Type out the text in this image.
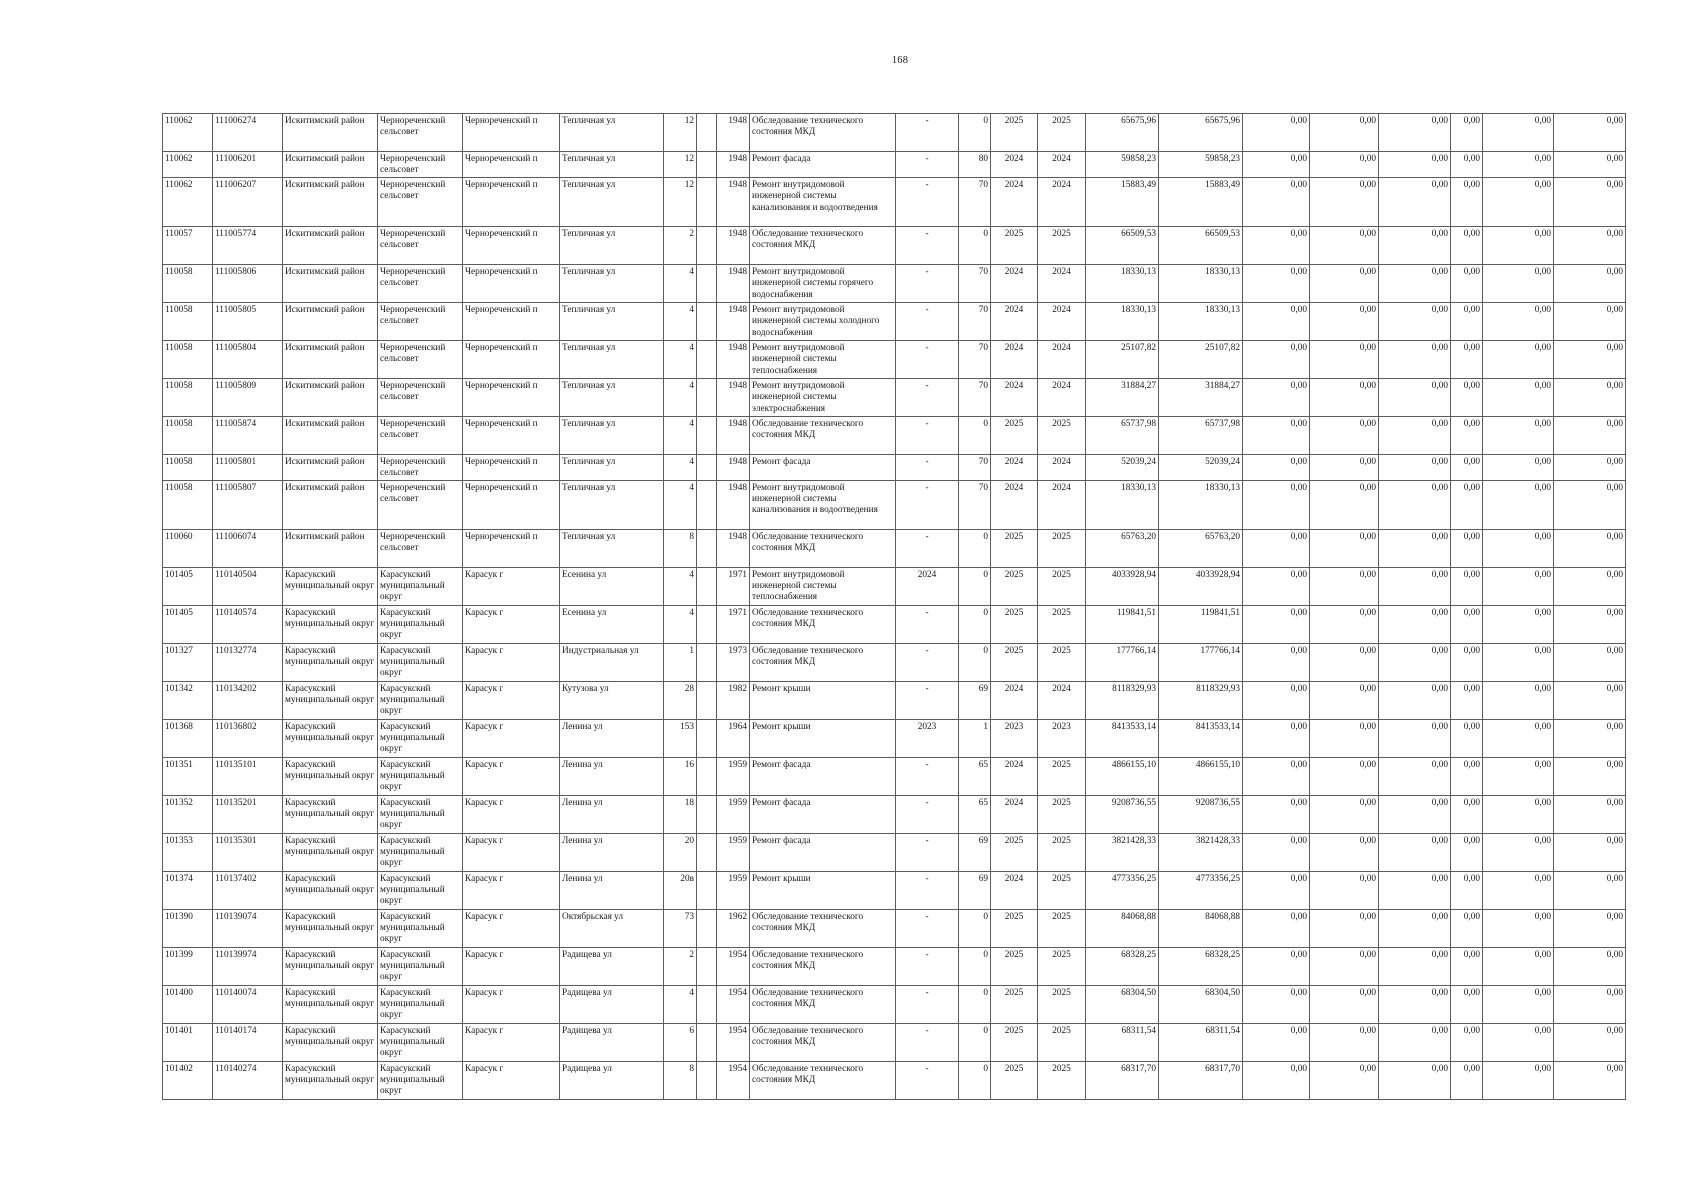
168
110062	111006274	Искитимский район	Чернореченский сельсовет	Чернореченский п	Тепличная ул	12		1948	Обследование технического состояния МКД	-	0	2025	2025	65675,96	65675,96	0,00	0,00	0,00	0,00	0,00	0,00
110062	111006201	Искитимский район	Чернореченский сельсовет	Чернореченский п	Тепличная ул	12		1948	Ремонт фасада	-	80	2024	2024	59858,23	59858,23	0,00	0,00	0,00	0,00	0,00	0,00
110062	111006207	Искитимский район	Чернореченский сельсовет	Чернореченский п	Тепличная ул	12		1948	Ремонт внутридомовой инженерной системы канализования и водоотведения	-	70	2024	2024	15883,49	15883,49	0,00	0,00	0,00	0,00	0,00	0,00
110057	111005774	Искитимский район	Чернореченский сельсовет	Чернореченский п	Тепличная ул	2		1948	Обследование технического состояния МКД	-	0	2025	2025	66509,53	66509,53	0,00	0,00	0,00	0,00	0,00	0,00
110058	111005806	Искитимский район	Чернореченский сельсовет	Чернореченский п	Тепличная ул	4		1948	Ремонт внутридомовой инженерной системы горячего водоснабжения	-	70	2024	2024	18330,13	18330,13	0,00	0,00	0,00	0,00	0,00	0,00
110058	111005805	Искитимский район	Чернореченский сельсовет	Чернореченский п	Тепличная ул	4		1948	Ремонт внутридомовой инженерной системы холодного водоснабжения	-	70	2024	2024	18330,13	18330,13	0,00	0,00	0,00	0,00	0,00	0,00
110058	111005804	Искитимский район	Чернореченский сельсовет	Чернореченский п	Тепличная ул	4		1948	Ремонт внутридомовой инженерной системы теплоснабжения	-	70	2024	2024	25107,82	25107,82	0,00	0,00	0,00	0,00	0,00	0,00
110058	111005809	Искитимский район	Чернореченский сельсовет	Чернореченский п	Тепличная ул	4		1948	Ремонт внутридомовой инженерной системы электроснабжения	-	70	2024	2024	31884,27	31884,27	0,00	0,00	0,00	0,00	0,00	0,00
110058	111005874	Искитимский район	Чернореченский сельсовет	Чернореченский п	Тепличная ул	4		1948	Обследование технического состояния МКД	-	0	2025	2025	65737,98	65737,98	0,00	0,00	0,00	0,00	0,00	0,00
110058	111005801	Искитимский район	Чернореченский сельсовет	Чернореченский п	Тепличная ул	4		1948	Ремонт фасада	-	70	2024	2024	52039,24	52039,24	0,00	0,00	0,00	0,00	0,00	0,00
110058	111005807	Искитимский район	Чернореченский сельсовет	Чернореченский п	Тепличная ул	4		1948	Ремонт внутридомовой инженерной системы канализования и водоотведения	-	70	2024	2024	18330,13	18330,13	0,00	0,00	0,00	0,00	0,00	0,00
110060	111006074	Искитимский район	Чернореченский сельсовет	Чернореченский п	Тепличная ул	8		1948	Обследование технического состояния МКД	-	0	2025	2025	65763,20	65763,20	0,00	0,00	0,00	0,00	0,00	0,00
101405	110140504	Карасукский муниципальный округ	Карасукский муниципальный округ	Карасук г	Есенина ул	4		1971	Ремонт внутридомовой инженерной системы теплоснабжения	2024	0	2025	2025	4033928,94	4033928,94	0,00	0,00	0,00	0,00	0,00	0,00
101405	110140574	Карасукский муниципальный округ	Карасукский муниципальный округ	Карасук г	Есенина ул	4		1971	Обследование технического состояния МКД	-	0	2025	2025	119841,51	119841,51	0,00	0,00	0,00	0,00	0,00	0,00
101327	110132774	Карасукский муниципальный округ	Карасукский муниципальный округ	Карасук г	Индустриальная ул	1		1973	Обследование технического состояния МКД	-	0	2025	2025	177766,14	177766,14	0,00	0,00	0,00	0,00	0,00	0,00
101342	110134202	Карасукский муниципальный округ	Карасукский муниципальный округ	Карасук г	Кутузова ул	28		1982	Ремонт крыши	-	69	2024	2024	8118329,93	8118329,93	0,00	0,00	0,00	0,00	0,00	0,00
101368	110136802	Карасукский муниципальный округ	Карасукский муниципальный округ	Карасук г	Ленина ул	153		1964	Ремонт крыши	2023	1	2023	2023	8413533,14	8413533,14	0,00	0,00	0,00	0,00	0,00	0,00
101351	110135101	Карасукский муниципальный округ	Карасукский муниципальный округ	Карасук г	Ленина ул	16		1959	Ремонт фасада	-	65	2024	2025	4866155,10	4866155,10	0,00	0,00	0,00	0,00	0,00	0,00
101352	110135201	Карасукский муниципальный округ	Карасукский муниципальный округ	Карасук г	Ленина ул	18		1959	Ремонт фасада	-	65	2024	2025	9208736,55	9208736,55	0,00	0,00	0,00	0,00	0,00	0,00
101353	110135301	Карасукский муниципальный округ	Карасукский муниципальный округ	Карасук г	Ленина ул	20		1959	Ремонт фасада	-	69	2025	2025	3821428,33	3821428,33	0,00	0,00	0,00	0,00	0,00	0,00
101374	110137402	Карасукский муниципальный округ	Карасукский муниципальный округ	Карасук г	Ленина ул	20в		1959	Ремонт крыши	-	69	2024	2025	4773356,25	4773356,25	0,00	0,00	0,00	0,00	0,00	0,00
101390	110139074	Карасукский муниципальный округ	Карасукский муниципальный округ	Карасук г	Октябрьская ул	73		1962	Обследование технического состояния МКД	-	0	2025	2025	84068,88	84068,88	0,00	0,00	0,00	0,00	0,00	0,00
101399	110139974	Карасукский муниципальный округ	Карасукский муниципальный округ	Карасук г	Радищева ул	2		1954	Обследование технического состояния МКД	-	0	2025	2025	68328,25	68328,25	0,00	0,00	0,00	0,00	0,00	0,00
101400	110140074	Карасукский муниципальный округ	Карасукский муниципальный округ	Карасук г	Радищева ул	4		1954	Обследование технического состояния МКД	-	0	2025	2025	68304,50	68304,50	0,00	0,00	0,00	0,00	0,00	0,00
101401	110140174	Карасукский муниципальный округ	Карасукский муниципальный округ	Карасук г	Радищева ул	6		1954	Обследование технического состояния МКД	-	0	2025	2025	68311,54	68311,54	0,00	0,00	0,00	0,00	0,00	0,00
101402	110140274	Карасукский муниципальный округ	Карасукский муниципальный округ	Карасук г	Радищева ул	8		1954	Обследование технического состояния МКД	-	0	2025	2025	68317,70	68317,70	0,00	0,00	0,00	0,00	0,00	0,00
